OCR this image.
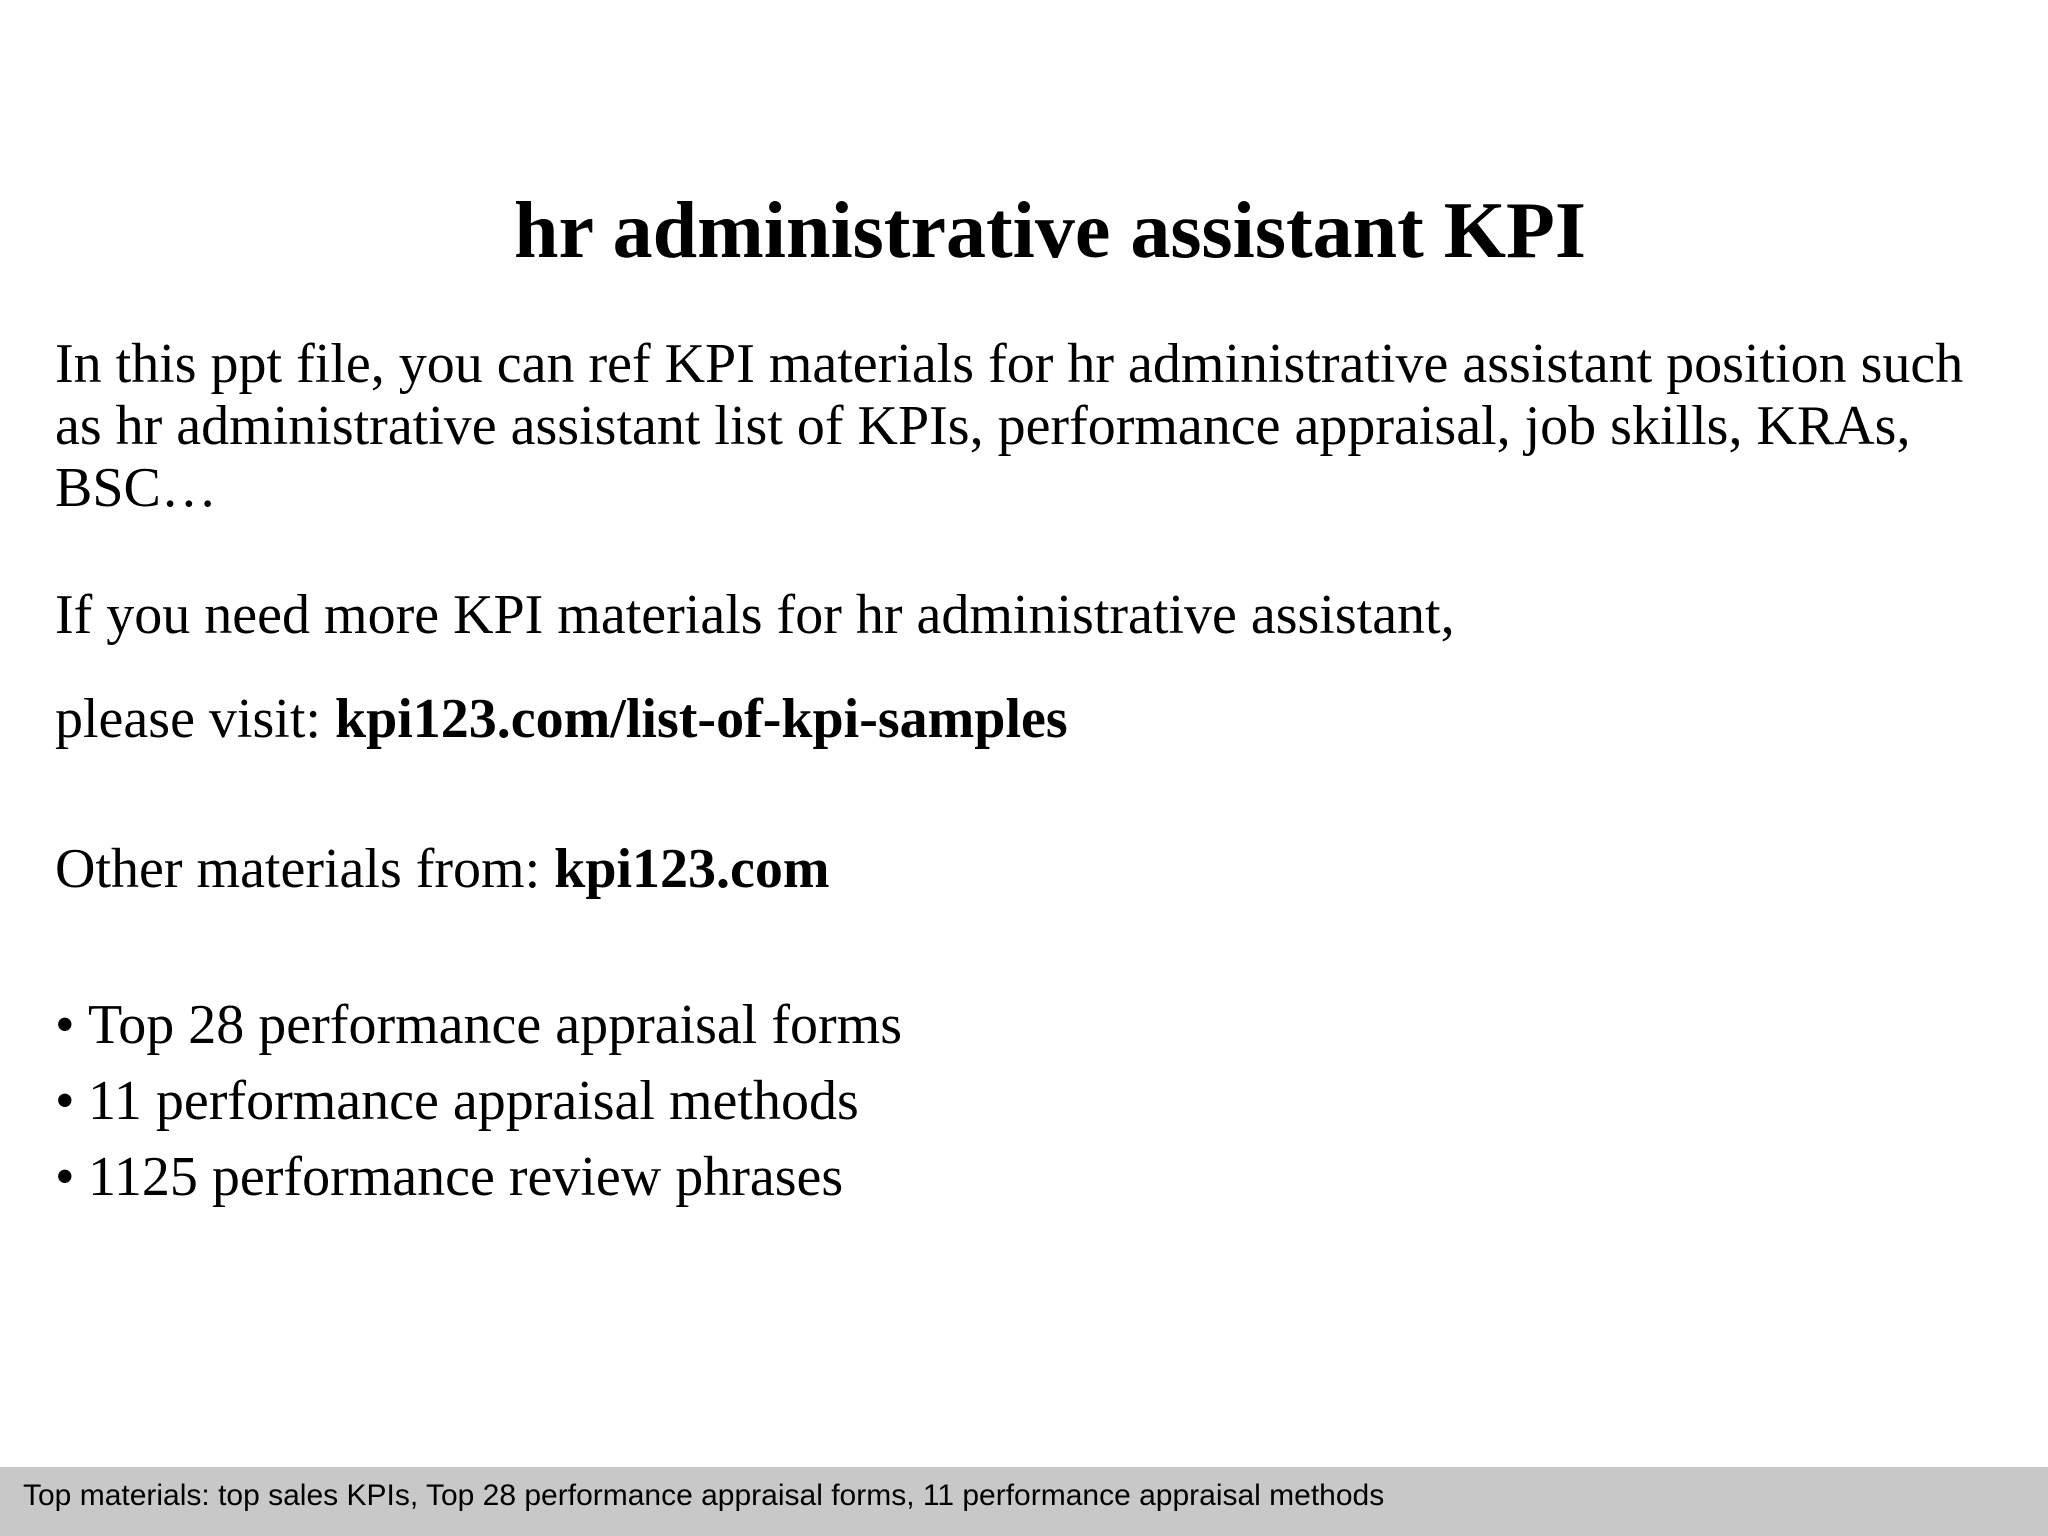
hr administrative assistant KPI
In this ppt file, you can ref KPI materials for hr administrative assistant position such as hr administrative assistant list of KPIs, performance appraisal, job skills, KRAs, BSC…
If you need more KPI materials for hr administrative assistant,
please visit: kpi123.com/list-of-kpi-samples
Other materials from: kpi123.com
• Top 28 performance appraisal forms
• 11 performance appraisal methods
• 1125 performance review phrases
Top materials: top sales KPIs, Top 28 performance appraisal forms, 11 performance appraisal methods
